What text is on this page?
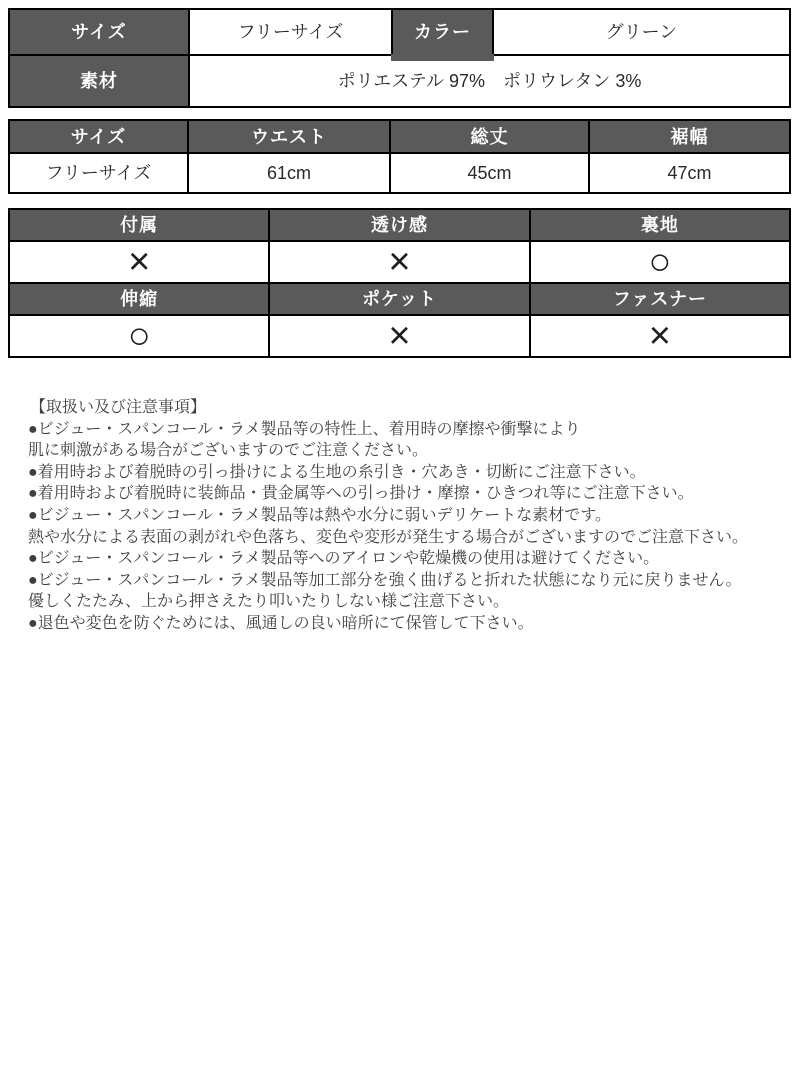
サイズ	フリーサイズ	カラー	グリーン
素材	ポリエステル 97%　ポリウレタン 3%
サイズ	ウエスト	総丈	裾幅
フリーサイズ	61cm	45cm	47cm
付属	透け感	裏地
×	×	○
伸縮	ポケット	ファスナー
○	×	×
【取扱い及び注意事項】
●ビジュー・スパンコール・ラメ製品等の特性上、着用時の摩擦や衝撃により
肌に刺激がある場合がございますのでご注意ください。
●着用時および着脱時の引っ掛けによる生地の糸引き・穴あき・切断にご注意下さい。
●着用時および着脱時に装飾品・貴金属等への引っ掛け・摩擦・ひきつれ等にご注意下さい。
●ビジュー・スパンコール・ラメ製品等は熱や水分に弱いデリケートな素材です。
熱や水分による表面の剥がれや色落ち、変色や変形が発生する場合がございますのでご注意下さい。
●ビジュー・スパンコール・ラメ製品等へのアイロンや乾燥機の使用は避けてください。
●ビジュー・スパンコール・ラメ製品等加工部分を強く曲げると折れた状態になり元に戻りません。
優しくたたみ、上から押さえたり叩いたりしない様ご注意下さい。
●退色や変色を防ぐためには、風通しの良い暗所にて保管して下さい。
